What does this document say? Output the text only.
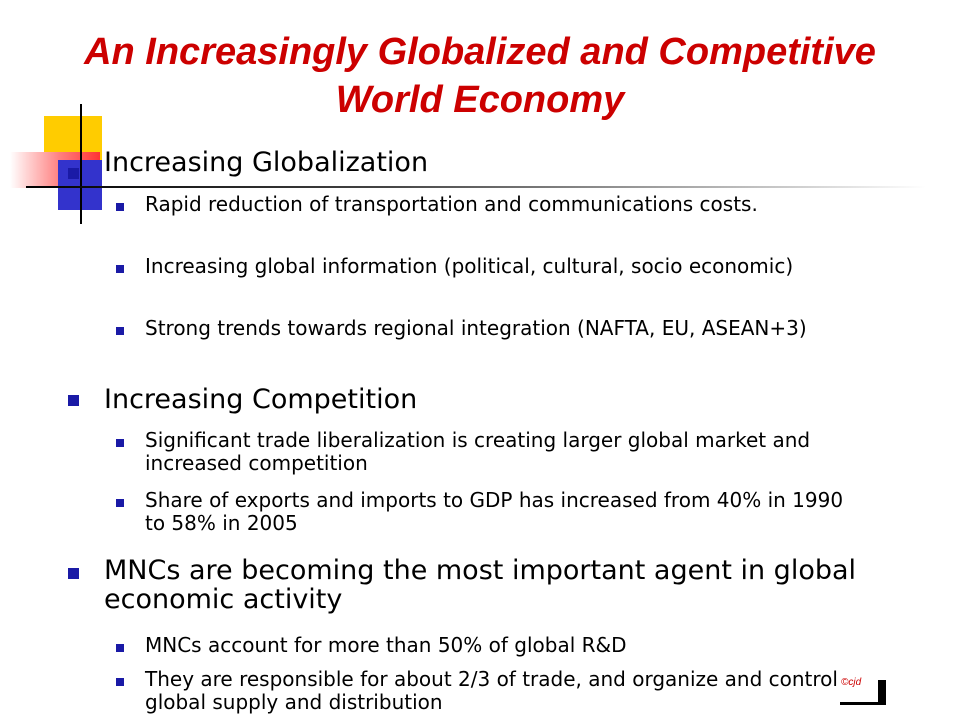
An Increasingly Globalized and Competitive World Economy

Increasing Globalization

Rapid reduction of transportation and communications costs.

Increasing global information (political, cultural, socio economic)

Strong trends towards regional integration (NAFTA, EU, ASEAN+3)

Increasing Competition

Significant trade liberalization is creating larger global market and increased competition

Share of exports and imports to GDP has increased from 40% in 1990 to 58% in 2005

MNCs are becoming the most important agent in global economic activity

MNCs account for more than 50% of global R&D

They are responsible for about 2/3 of trade, and organize and control global supply and distribution

©cjd
